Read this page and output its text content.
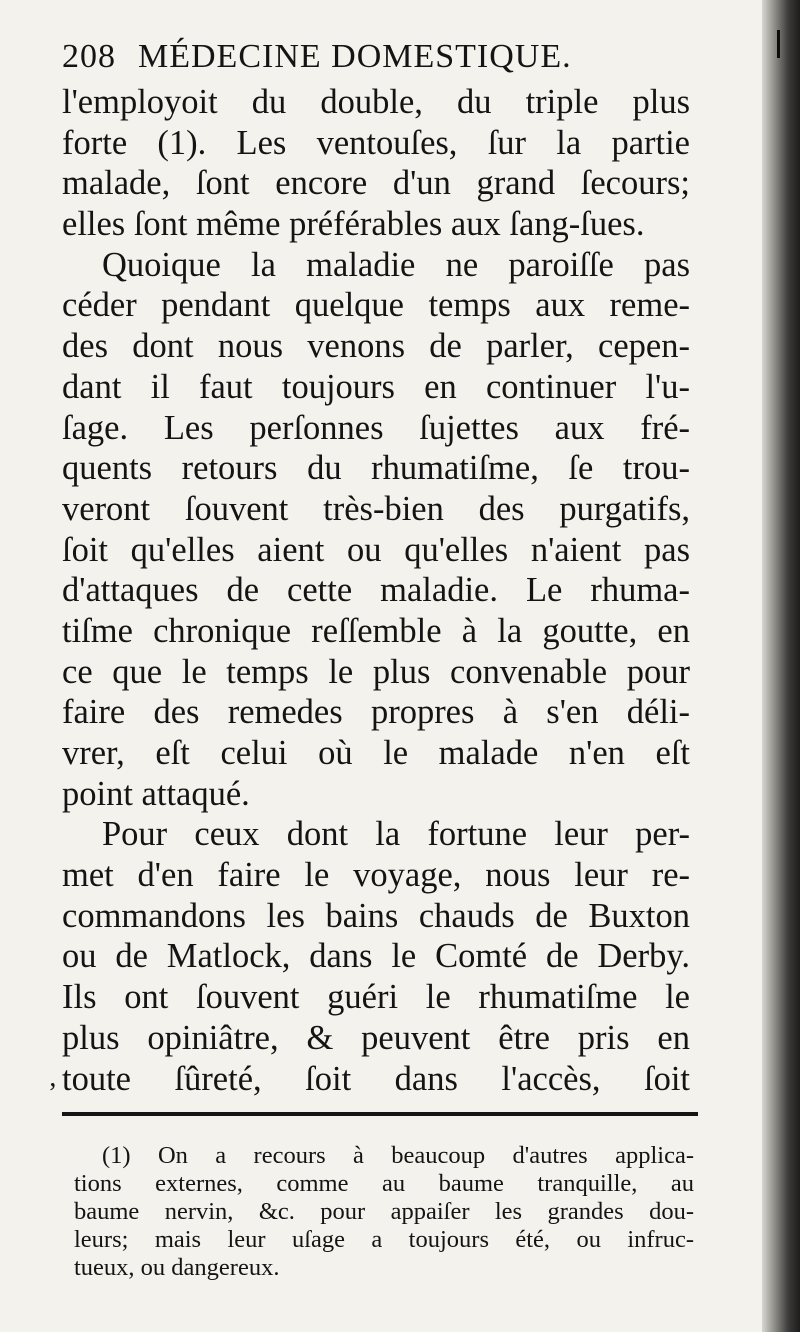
208 MÉDECINE DOMESTIQUE.
l'employoit du double, du triple plus
forte (1). Les ventouſes, ſur la partie
malade, ſont encore d'un grand ſecours;
elles ſont même préférables aux ſang-ſues.
Quoique la maladie ne paroiſſe pas
céder pendant quelque temps aux reme-
des dont nous venons de parler, cepen-
dant il faut toujours en continuer l'u-
ſage. Les perſonnes ſujettes aux fré-
quents retours du rhumatiſme, ſe trou-
veront ſouvent très-bien des purgatifs,
ſoit qu'elles aient ou qu'elles n'aient pas
d'attaques de cette maladie. Le rhuma-
tiſme chronique reſſemble à la goutte, en
ce que le temps le plus convenable pour
faire des remedes propres à s'en déli-
vrer, eſt celui où le malade n'en eſt
point attaqué.
Pour ceux dont la fortune leur per-
met d'en faire le voyage, nous leur re-
commandons les bains chauds de Buxton
ou de Matlock, dans le Comté de Derby.
Ils ont ſouvent guéri le rhumatiſme le
plus opiniâtre, & peuvent être pris en
toute ſûreté, ſoit dans l'accès, ſoit
‚
(1) On a recours à beaucoup d'autres applica-
tions externes, comme au baume tranquille, au
baume nervin, &c. pour appaiſer les grandes dou-
leurs; mais leur uſage a toujours été, ou infruc-
tueux, ou dangereux.
